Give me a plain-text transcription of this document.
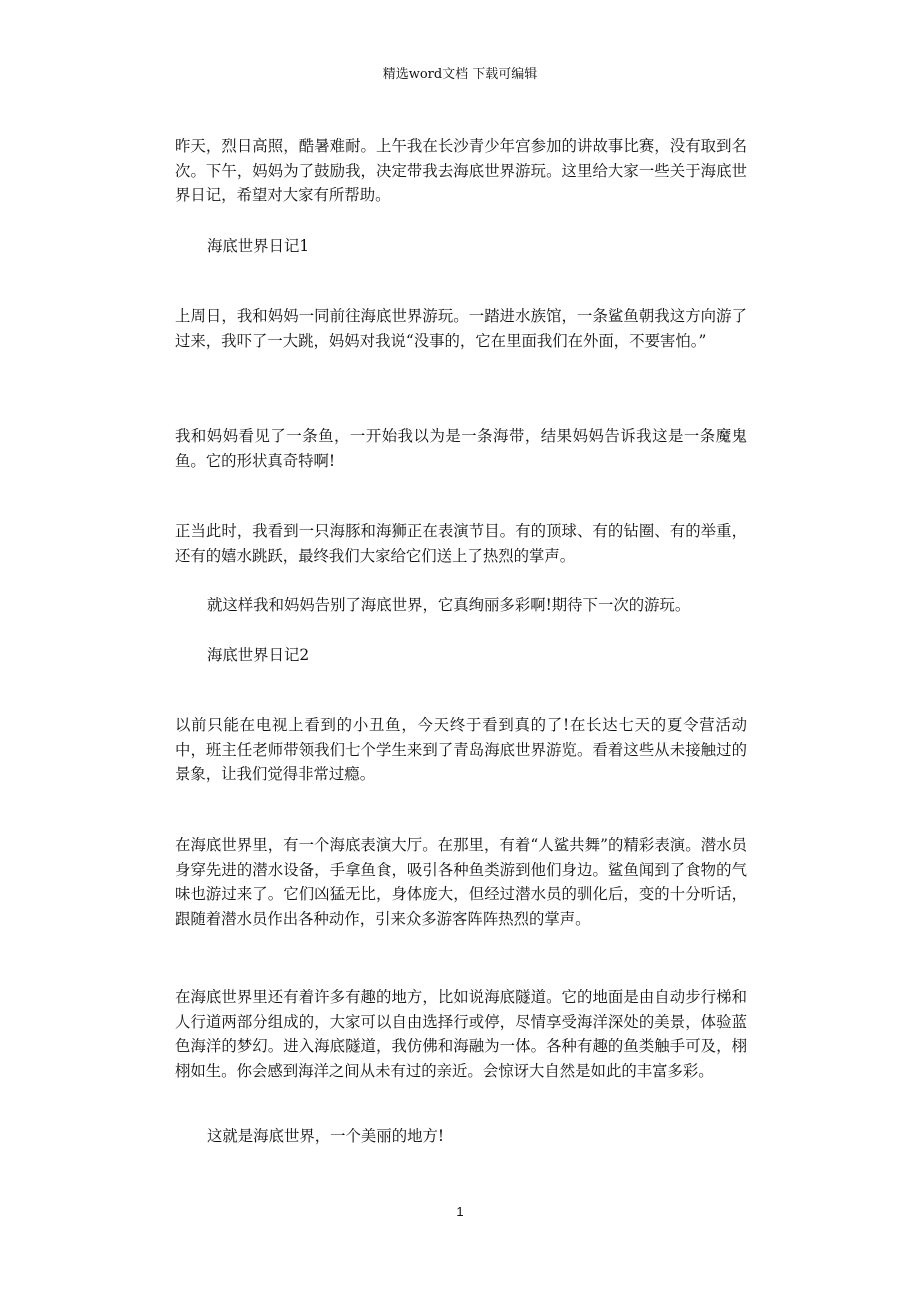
精选word文档 下载可编辑

昨天，烈日高照，酷暑难耐。上午我在长沙青少年宫参加的讲故事比赛，没有取到名次。下午，妈妈为了鼓励我，决定带我去海底世界游玩。这里给大家一些关于海底世界日记，希望对大家有所帮助。

海底世界日记1

上周日，我和妈妈一同前往海底世界游玩。一踏进水族馆，一条鲨鱼朝我这方向游了过来，我吓了一大跳，妈妈对我说“没事的，它在里面我们在外面，不要害怕。”

我和妈妈看见了一条鱼，一开始我以为是一条海带，结果妈妈告诉我这是一条魔鬼鱼。它的形状真奇特啊!

正当此时，我看到一只海豚和海狮正在表演节目。有的顶球、有的钻圈、有的举重，还有的嬉水跳跃，最终我们大家给它们送上了热烈的掌声。

就这样我和妈妈告别了海底世界，它真绚丽多彩啊!期待下一次的游玩。

海底世界日记2

以前只能在电视上看到的小丑鱼，今天终于看到真的了!在长达七天的夏令营活动中，班主任老师带领我们七个学生来到了青岛海底世界游览。看着这些从未接触过的景象，让我们觉得非常过瘾。

在海底世界里，有一个海底表演大厅。在那里，有着“人鲨共舞”的精彩表演。潜水员身穿先进的潜水设备，手拿鱼食，吸引各种鱼类游到他们身边。鲨鱼闻到了食物的气味也游过来了。它们凶猛无比，身体庞大，但经过潜水员的驯化后，变的十分听话，跟随着潜水员作出各种动作，引来众多游客阵阵热烈的掌声。

在海底世界里还有着许多有趣的地方，比如说海底隧道。它的地面是由自动步行梯和人行道两部分组成的，大家可以自由选择行或停，尽情享受海洋深处的美景，体验蓝色海洋的梦幻。进入海底隧道，我仿佛和海融为一体。各种有趣的鱼类触手可及，栩栩如生。你会感到海洋之间从未有过的亲近。会惊讶大自然是如此的丰富多彩。

这就是海底世界，一个美丽的地方!

1
